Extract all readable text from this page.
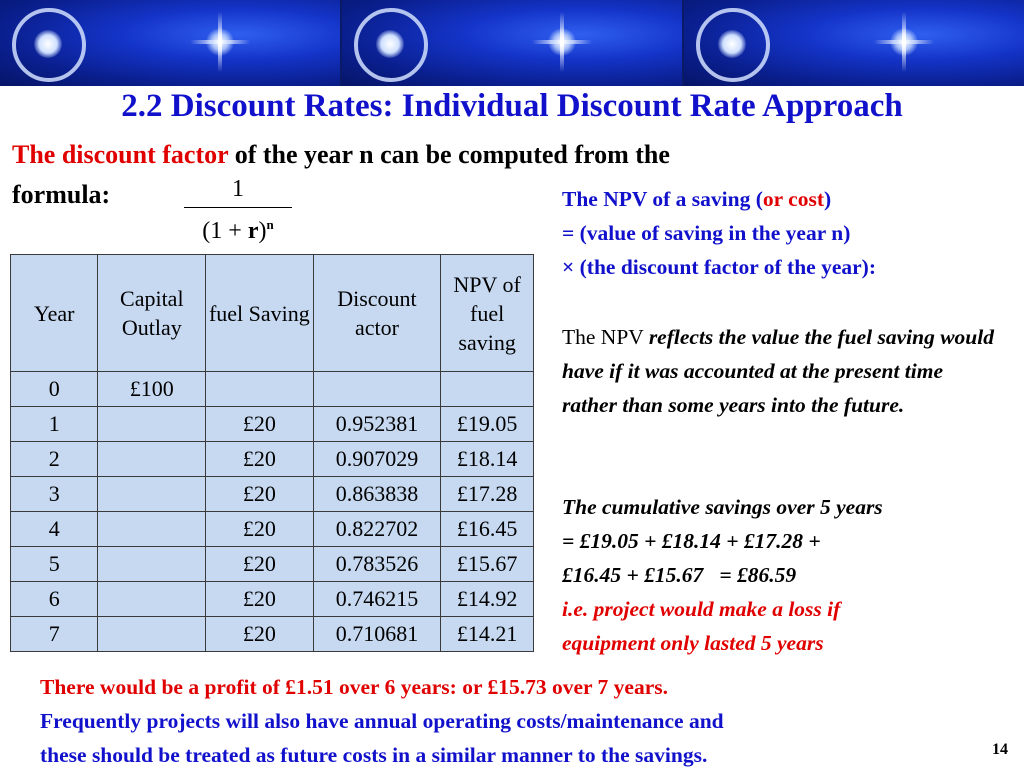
2.2 Discount Rates: Individual Discount Rate Approach
The discount factor of the year n can be computed from the
formula:	1
$(1 + r)^n$
Year	Capital Outlay	fuel Saving	Discount actor	NPV of fuel saving
0	£100			
1		£20	0.952381	£19.05
2		£20	0.907029	£18.14
3		£20	0.863838	£17.28
4		£20	0.822702	£16.45
5		£20	0.783526	£15.67
6		£20	0.746215	£14.92
7		£20	0.710681	£14.21
The NPV of a saving (or cost)
= (value of saving in the year n)
× (the discount factor of the year):
The NPV reflects the value the fuel saving would have if it was accounted at the present time rather than some years into the future.
The cumulative savings over 5 years
= £19.05 + £18.14 + £17.28 +
£16.45 + £15.67   = £86.59
i.e. project would make a loss if
equipment only lasted 5 years
There would be a profit of £1.51 over 6 years: or £15.73 over 7 years.
Frequently projects will also have annual operating costs/maintenance and
these should be treated as future costs in a similar manner to the savings.	14
